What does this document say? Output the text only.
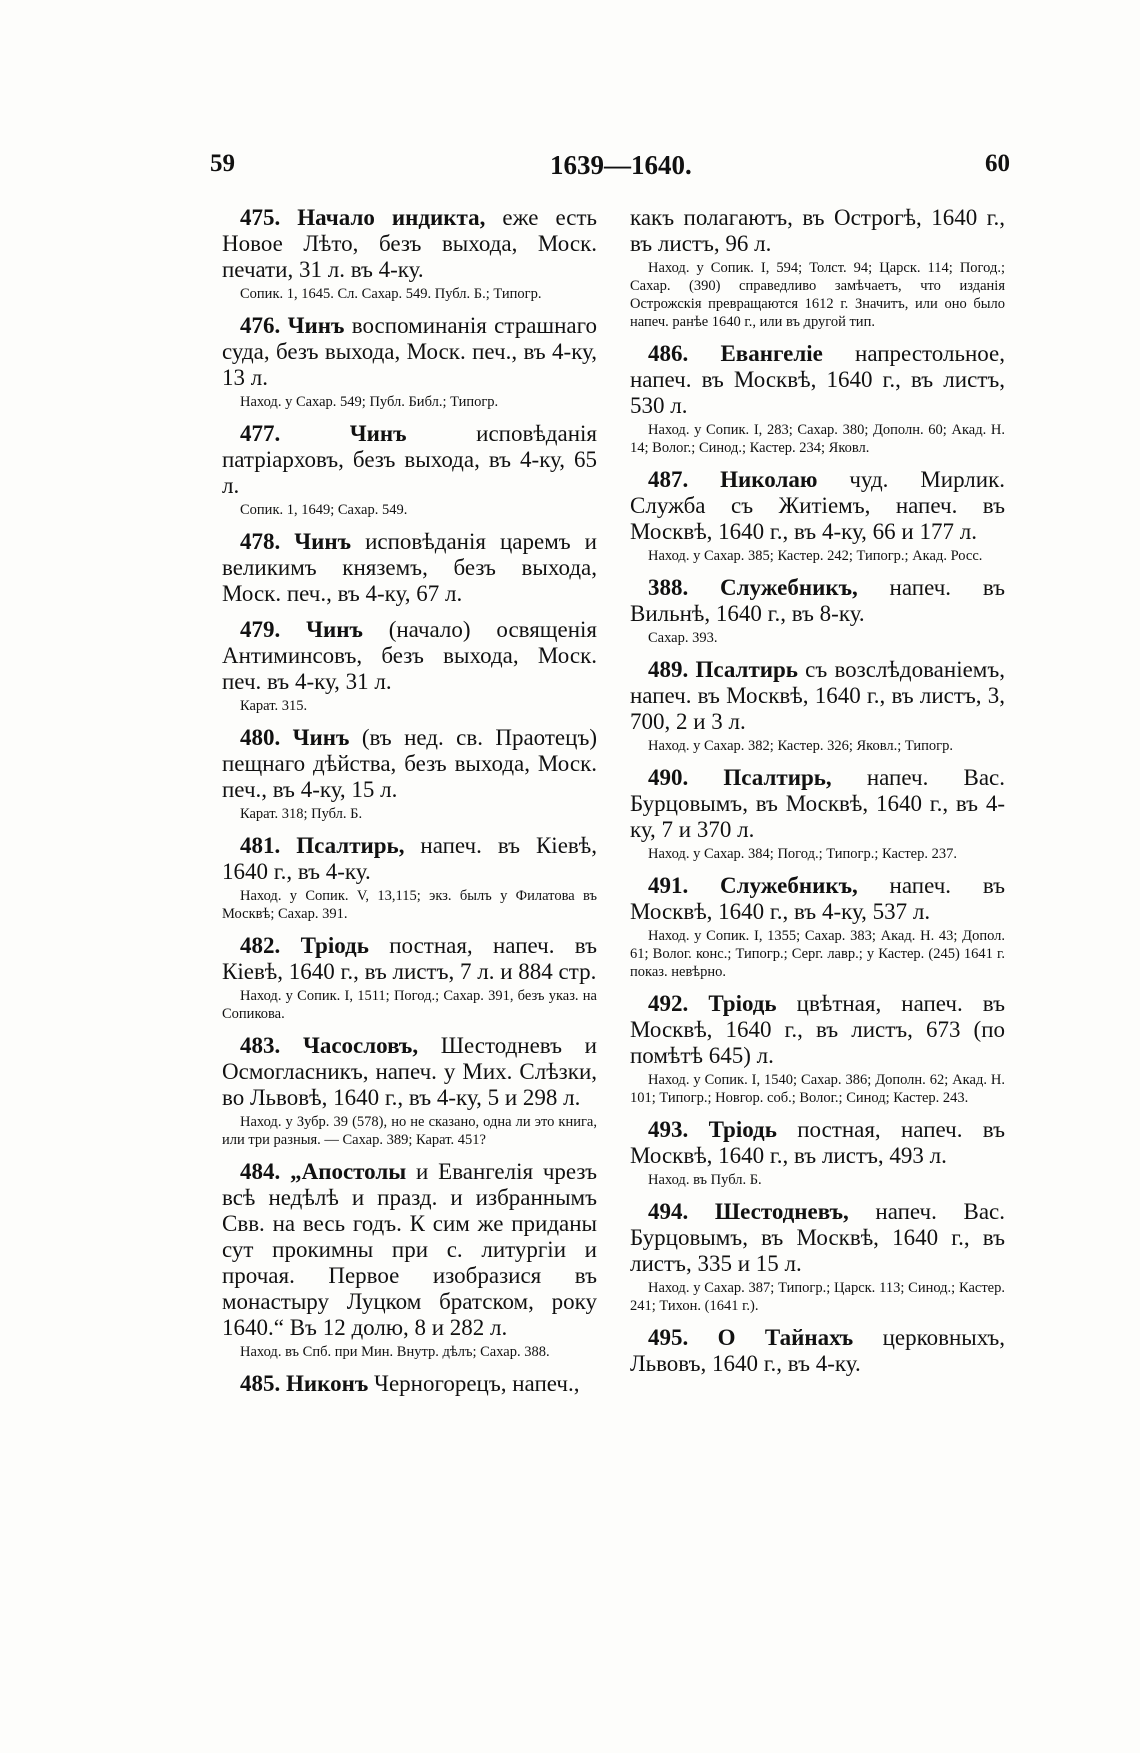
59	1639—1640.	60

475. Начало индикта, еже есть Новое Лѣто, безъ выхода, Моск. печати, 31 л. въ 4-ку.

Сопик. 1, 1645. Сл. Сахар. 549. Публ. Б.; Типогр.

476. Чинъ воспоминанія страшнаго суда, безъ выхода, Моск. печ., въ 4-ку, 13 л.

Наход. у Сахар. 549; Публ. Библ.; Типогр.

477.	Чинъ исповѣданія патріарховъ, безъ выхода, въ 4-ку, 65 л.

Сопик. 1, 1649; Сахар. 549.

478. Чинъ исповѣданія царемъ и великимъ княземъ, безъ выхода, Моск. печ., въ 4-ку, 67 л.

479. Чинъ (начало) освященія Антиминсовъ, безъ выхода, Моск. печ. въ 4-ку, 31 л.

Карат. 315.

480. Чинъ (въ нед. св. Праотецъ) пещнаго дѣйства, безъ выхода, Моск. печ., въ 4-ку, 15 л.

Карат. 318; Публ. Б.

481. Псалтирь, напеч. въ Кіевѣ, 1640 г., въ 4-ку.

Наход. у Сопик. V, 13,115; экз. былъ у Филатова въ Москвѣ; Сахар. 391.

482. Тріодь постная, напеч. въ Кіевѣ, 1640 г., въ листъ, 7 л. и 884 стр.

Наход. у Сопик. I, 1511; Погод.; Сахар. 391, безъ указ. на Сопикова.

483. Часословъ, Шестодневъ и Осмогласникъ, напеч. у Мих. Слѣзки, во Львовѣ, 1640 г., въ 4-ку, 5 и 298 л.

Наход. у Зубр. 39 (578), но не сказано, одна ли это книга, или три разныя. — Сахар. 389; Карат. 451?

484. „Апостолы и Евангелія чрезъ всѣ недѣлѣ и празд. и избраннымъ Свв. на весь годъ. К сим же приданы сут прокимны при с. литургіи и прочая. Первое изобразися въ монастыру Луцком братском, року 1640.“ Въ 12 долю, 8 и 282 л.

Наход. въ Спб. при Мин. Внутр. дѣлъ; Сахар. 388.

485. Никонъ Черногорецъ, напеч.,

какъ полагаютъ, въ Острогѣ, 1640 г., въ листъ, 96 л.

Наход. у Сопик. I, 594; Толст. 94; Царск. 114; Погод.; Сахар. (390) справедливо замѣчаетъ, что изданія Острожскія превращаются 1612 г. Значитъ, или оно было напеч. ранѣе 1640 г., или въ другой тип.

486. Евангеліе напрестольное, напеч. въ Москвѣ, 1640 г., въ листъ, 530 л.

Наход. у Сопик. I, 283; Сахар. 380; Дополн. 60; Акад. Н. 14; Волог.; Синод.; Кастер. 234; Яковл.

487. Николаю чуд. Мирлик. Служба съ Житіемъ, напеч. въ Москвѣ, 1640 г., въ 4-ку, 66 и 177 л.

Наход. у Сахар. 385; Кастер. 242; Типогр.; Акад. Росс.

388. Служебникъ, напеч. въ Вильнѣ, 1640 г., въ 8-ку.

Сахар. 393.

489. Псалтирь съ возслѣдованіемъ, напеч. въ Москвѣ, 1640 г., въ листъ, 3, 700, 2 и 3 л.

Наход. у Сахар. 382; Кастер. 326; Яковл.; Типогр.

490. Псалтирь, напеч. Вас. Бурцовымъ, въ Москвѣ, 1640 г., въ 4-ку, 7 и 370 л.

Наход. у Сахар. 384; Погод.; Типогр.; Кастер. 237.

491. Служебникъ, напеч. въ Москвѣ, 1640 г., въ 4-ку, 537 л.

Наход. у Сопик. I, 1355; Сахар. 383; Акад. Н. 43; Допол. 61; Волог. конс.; Типогр.; Серг. лавр.; у Кастер. (245) 1641 г. показ. невѣрно.

492. Тріодь цвѣтная, напеч. въ Москвѣ, 1640 г., въ листъ, 673 (по помѣтѣ 645) л.

Наход. у Сопик. I, 1540; Сахар. 386; Дополн. 62; Акад. Н. 101; Типогр.; Новгор. соб.; Волог.; Синод; Кастер. 243.

493. Тріодь постная, напеч. въ Москвѣ, 1640 г., въ листъ, 493 л.

Наход. въ Публ. Б.

494. Шестодневъ, напеч. Вас. Бурцовымъ, въ Москвѣ, 1640 г., въ листъ, 335 и 15 л.

Наход. у Сахар. 387; Типогр.; Царск. 113; Синод.; Кастер. 241; Тихон. (1641 г.).

495. О Тайнахъ церковныхъ, Львовъ, 1640 г., въ 4-ку.
